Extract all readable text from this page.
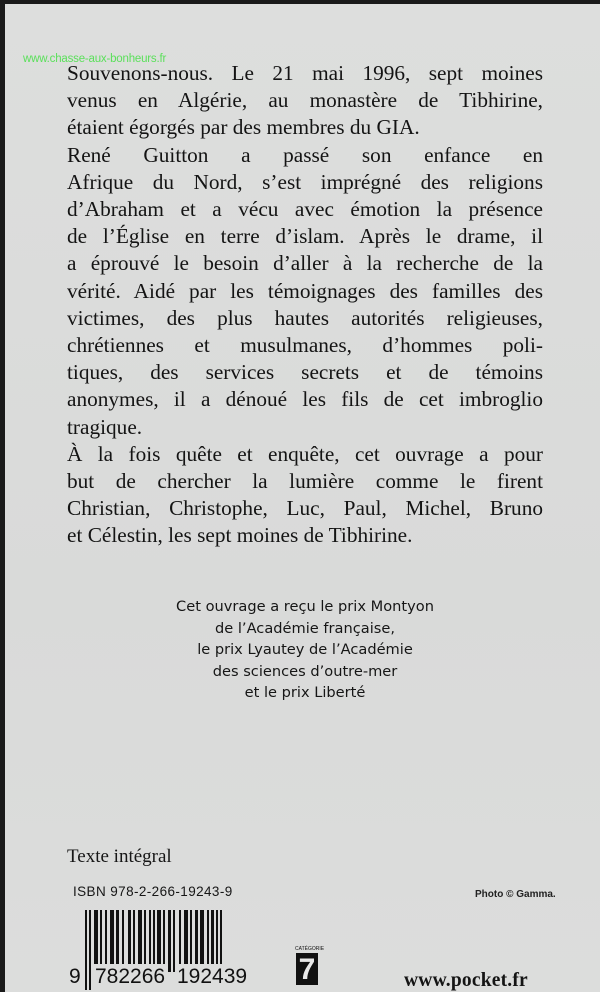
www.chasse-aux-bonheurs.fr
Souvenons-nous. Le 21 mai 1996, sept moines
venus en Algérie, au monastère de Tibhirine,
étaient égorgés par des membres du GIA.
René Guitton a passé son enfance en
Afrique du Nord, s’est imprégné des religions
d’Abraham et a vécu avec émotion la présence
de l’Église en terre d’islam. Après le drame, il
a éprouvé le besoin d’aller à la recherche de la
vérité. Aidé par les témoignages des familles des
victimes, des plus hautes autorités religieuses,
chrétiennes et musulmanes, d’hommes poli-
tiques, des services secrets et de témoins
anonymes, il a dénoué les fils de cet imbroglio
tragique.
À la fois quête et enquête, cet ouvrage a pour
but de chercher la lumière comme le firent
Christian, Christophe, Luc, Paul, Michel, Bruno
et Célestin, les sept moines de Tibhirine.
Cet ouvrage a reçu le prix Montyon
de l’Académie française,
le prix Lyautey de l’Académie
des sciences d’outre-mer
et le prix Liberté
Texte intégral
ISBN 978-2-266-19243-9	Photo © Gamma.
9 782266 192439
CATÉGORIE
7	www.pocket.fr
